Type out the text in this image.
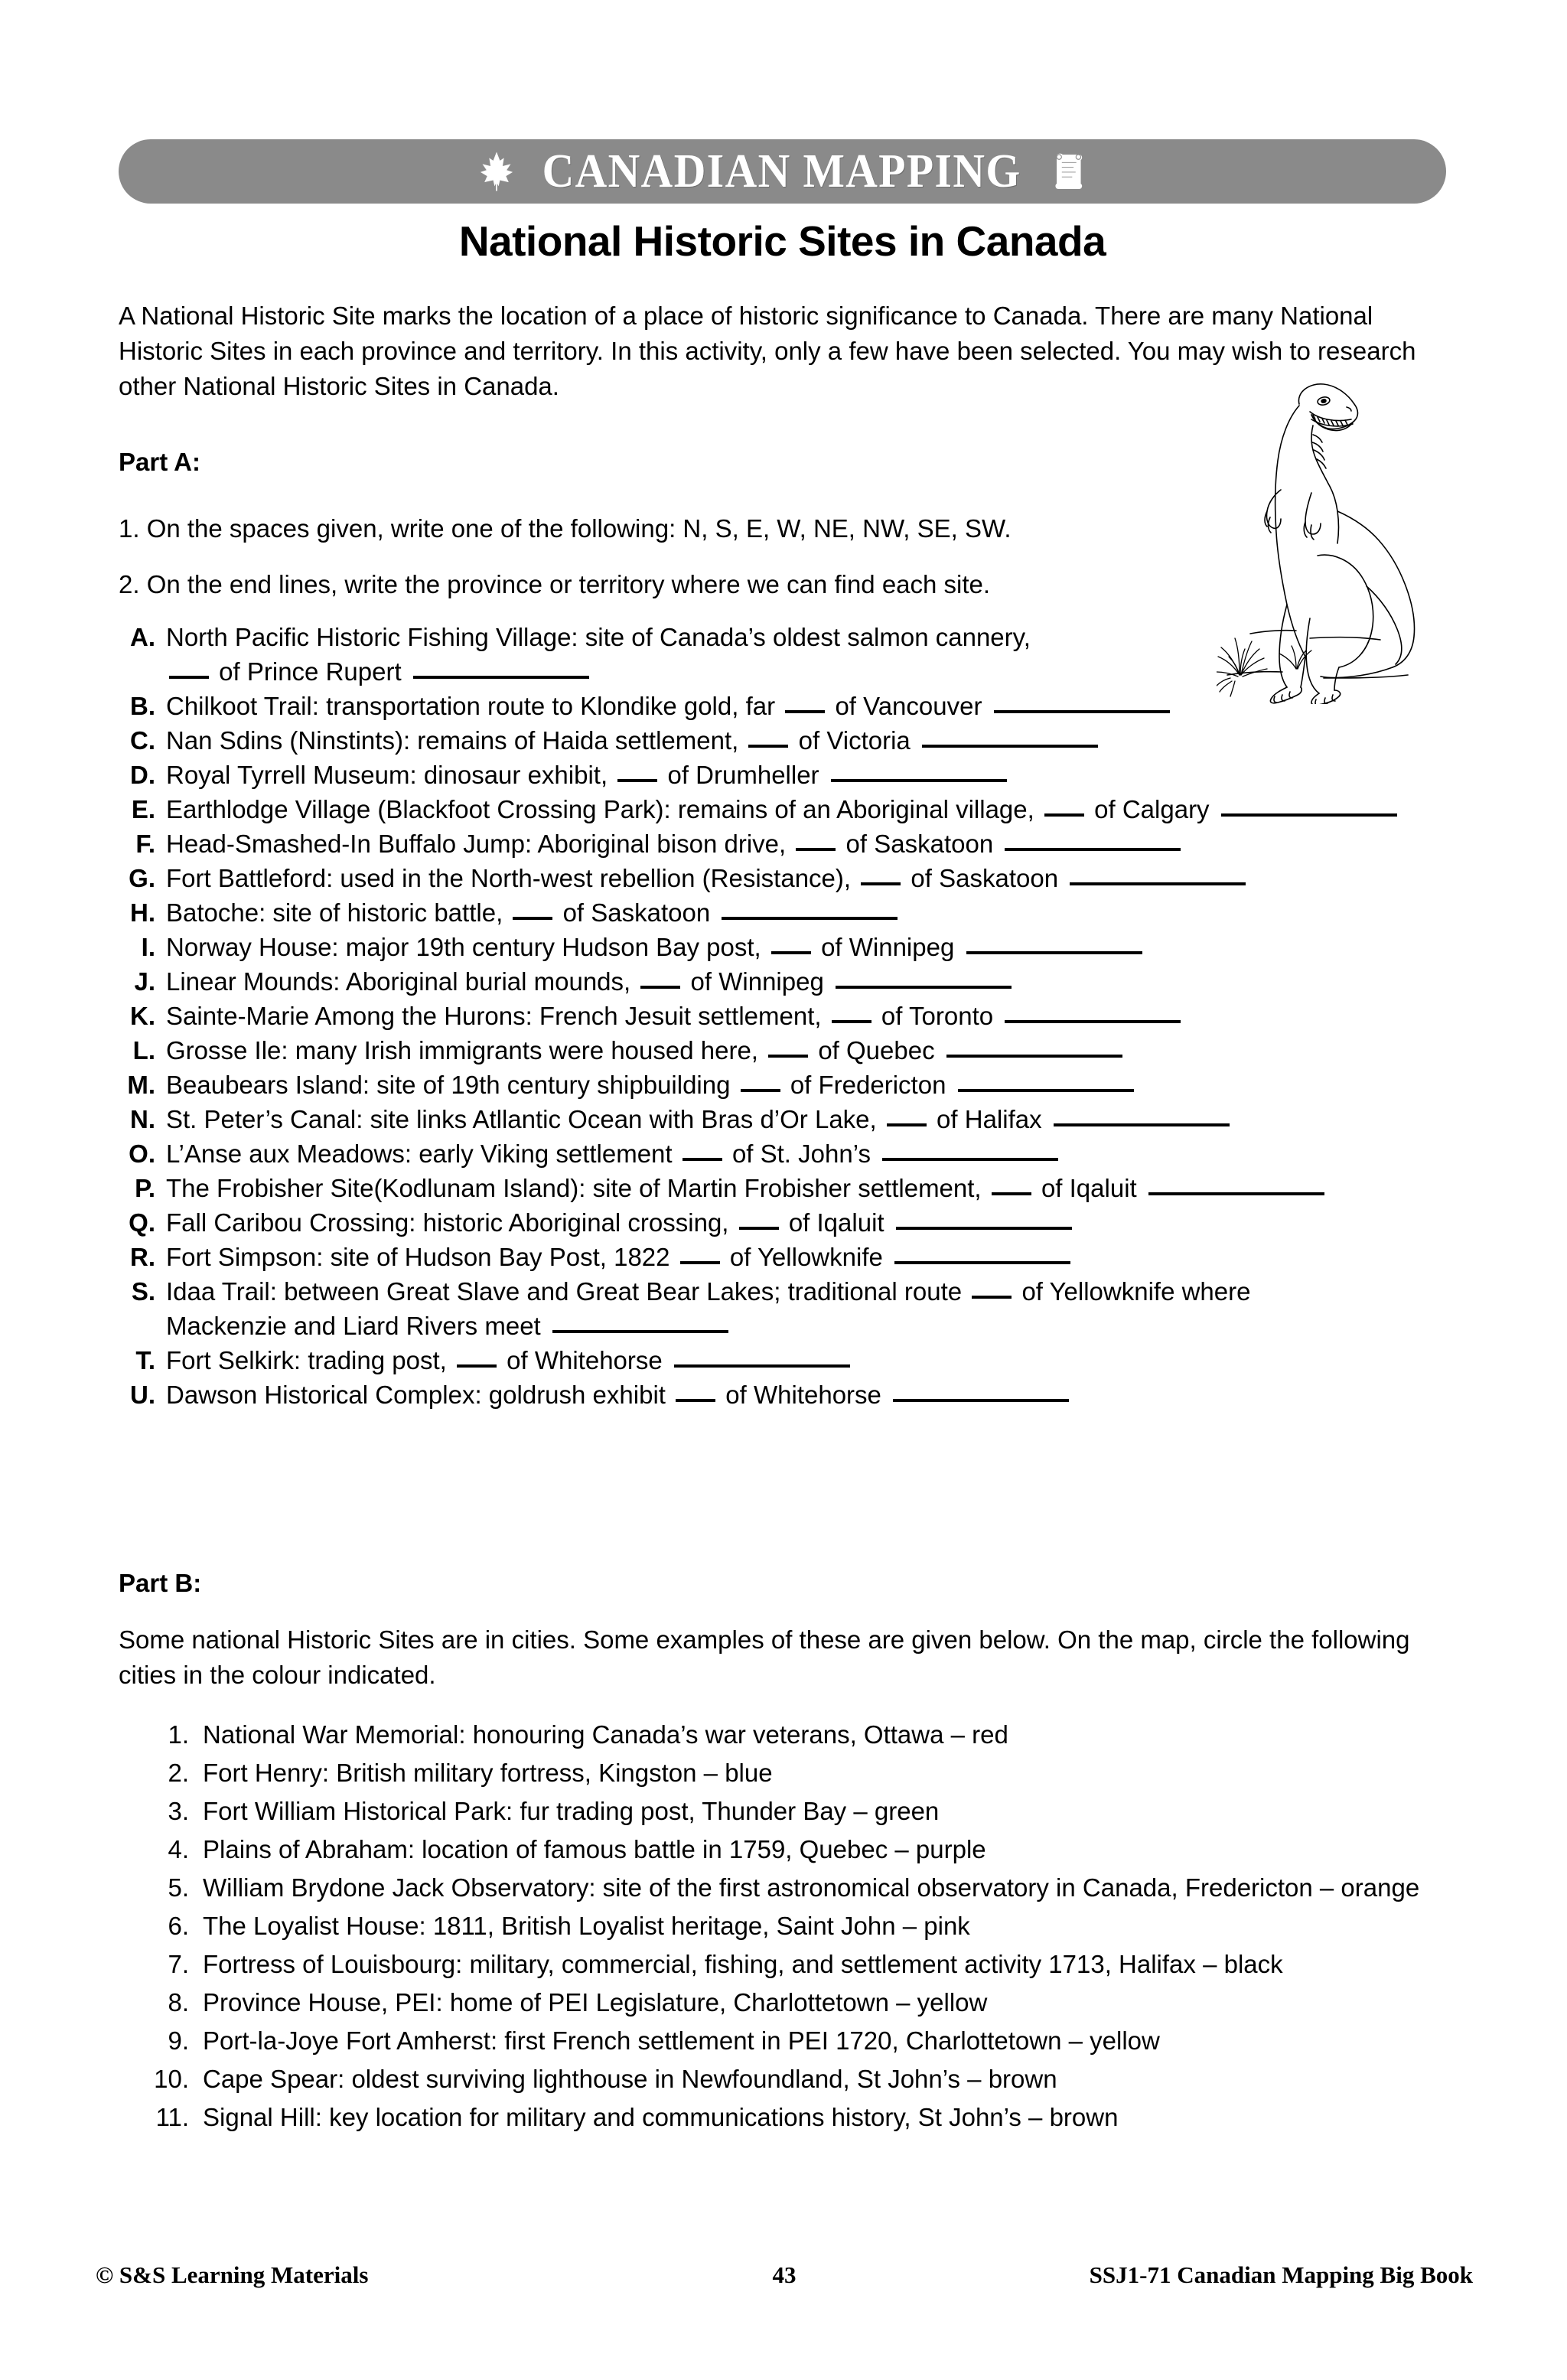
CANADIAN MAPPING
National Historic Sites in Canada
A National Historic Site marks the location of a place of historic significance to Canada. There are many National Historic Sites in each province and territory. In this activity, only a few have been selected. You may wish to research other National Historic Sites in Canada.
Part A:
1. On the spaces given, write one of the following: N, S, E, W, NE, NW, SE, SW.
2. On the end lines, write the province or territory where we can find each site.
A. North Pacific Historic Fishing Village: site of Canada’s oldest salmon cannery,
of Prince Rupert
B. Chilkoot Trail: transportation route to Klondike gold, far of Vancouver
C. Nan Sdins (Ninstints): remains of Haida settlement, of Victoria
D. Royal Tyrrell Museum: dinosaur exhibit, of Drumheller
E. Earthlodge Village (Blackfoot Crossing Park): remains of an Aboriginal village, of Calgary
F. Head-Smashed-In Buffalo Jump: Aboriginal bison drive, of Saskatoon
G. Fort Battleford: used in the North-west rebellion (Resistance), of Saskatoon
H. Batoche: site of historic battle, of Saskatoon
I. Norway House: major 19th century Hudson Bay post, of Winnipeg
J. Linear Mounds: Aboriginal burial mounds, of Winnipeg
K. Sainte-Marie Among the Hurons: French Jesuit settlement, of Toronto
L. Grosse Ile: many Irish immigrants were housed here, of Quebec
M. Beaubears Island: site of 19th century shipbuilding of Fredericton
N. St. Peter’s Canal: site links Atllantic Ocean with Bras d’Or Lake, of Halifax
O. L’Anse aux Meadows: early Viking settlement of St. John’s
P. The Frobisher Site(Kodlunam Island): site of Martin Frobisher settlement, of Iqaluit
Q. Fall Caribou Crossing: historic Aboriginal crossing, of Iqaluit
R. Fort Simpson: site of Hudson Bay Post, 1822 of Yellowknife
S. Idaa Trail: between Great Slave and Great Bear Lakes; traditional route of Yellowknife where
Mackenzie and Liard Rivers meet
T. Fort Selkirk: trading post, of Whitehorse
U. Dawson Historical Complex: goldrush exhibit of Whitehorse
Part B:
Some national Historic Sites are in cities. Some examples of these are given below. On the map, circle the following cities in the colour indicated.
1. National War Memorial: honouring Canada’s war veterans, Ottawa – red
2. Fort Henry: British military fortress, Kingston – blue
3. Fort William Historical Park: fur trading post, Thunder Bay – green
4. Plains of Abraham: location of famous battle in 1759, Quebec – purple
5. William Brydone Jack Observatory: site of the first astronomical observatory in Canada, Fredericton – orange
6. The Loyalist House: 1811, British Loyalist heritage, Saint John – pink
7. Fortress of Louisbourg: military, commercial, fishing, and settlement activity 1713, Halifax – black
8. Province House, PEI: home of PEI Legislature, Charlottetown – yellow
9. Port-la-Joye Fort Amherst: first French settlement in PEI 1720, Charlottetown – yellow
10. Cape Spear: oldest surviving lighthouse in Newfoundland, St John’s – brown
11. Signal Hill: key location for military and communications history, St John’s – brown
© S&S Learning Materials	43	SSJ1-71 Canadian Mapping Big Book
